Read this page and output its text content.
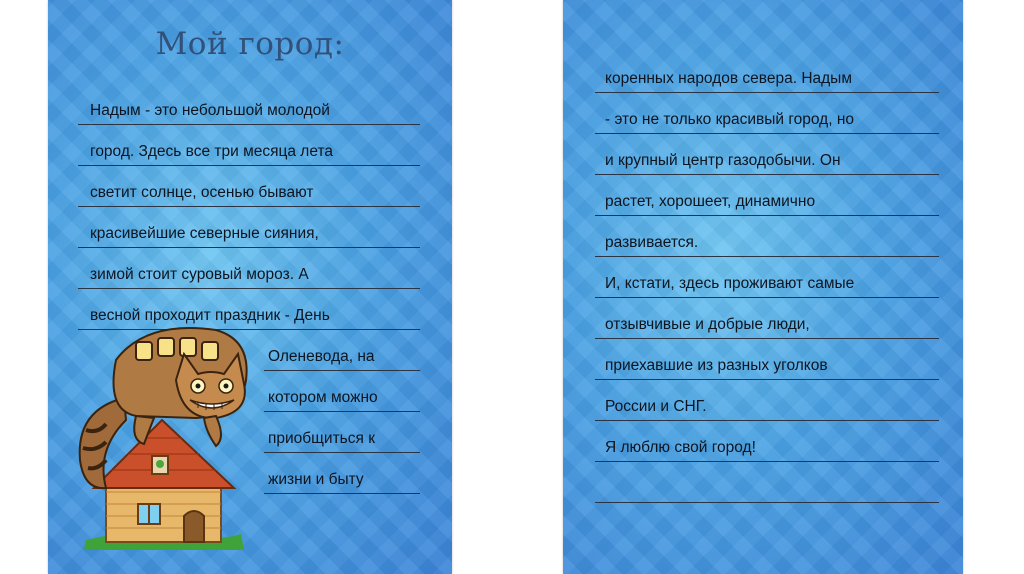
Мой город:
Надым - это небольшой молодой
город. Здесь все три месяца лета
светит солнце, осенью бывают
красивейшие северные сияния,
зимой стоит суровый мороз. А
весной проходит праздник - День
Оленевода, на
котором можно
приобщиться к
жизни и быту
коренных народов севера. Надым
- это не только красивый город, но
и крупный центр газодобычи. Он
растет, хорошеет, динамично
развивается.
И, кстати, здесь проживают самые
отзывчивые и добрые люди,
приехавшие из разных уголков
России и СНГ.
Я люблю свой город!
